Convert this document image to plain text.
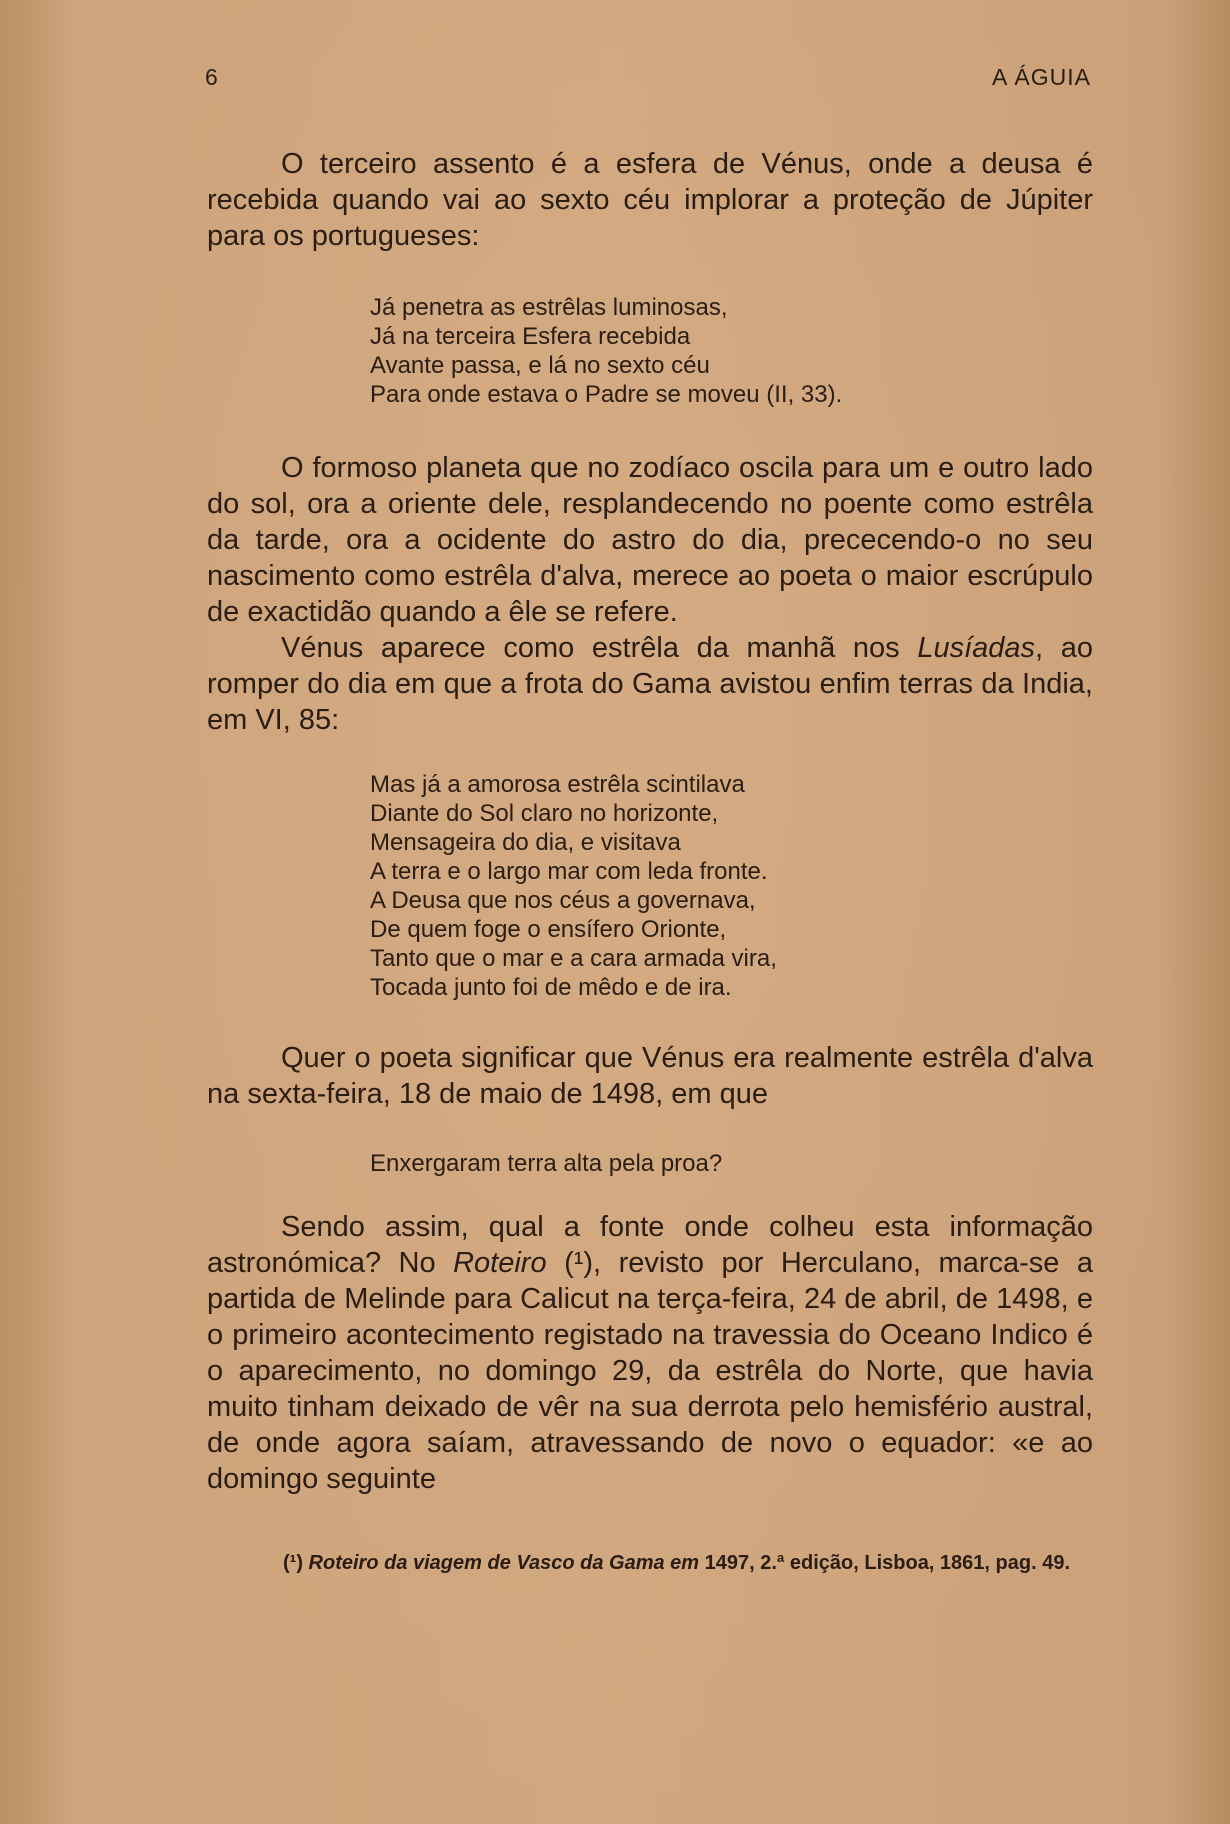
6	A ÁGUIA

O terceiro assento é a esfera de Vénus, onde a deusa é recebida quando vai ao sexto céu implorar a proteção de Júpiter para os portugueses:

Já penetra as estrêlas luminosas,
Já na terceira Esfera recebida
Avante passa, e lá no sexto céu
Para onde estava o Padre se moveu (II, 33).

O formoso planeta que no zodíaco oscila para um e outro lado do sol, ora a oriente dele, resplandecendo no poente como estrêla da tarde, ora a ocidente do astro do dia, prececendo-o no seu nascimento como estrêla d'alva, merece ao poeta o maior escrúpulo de exactidão quando a êle se refere.

Vénus aparece como estrêla da manhã nos Lusíadas, ao romper do dia em que a frota do Gama avistou enfim terras da India, em VI, 85:

Mas já a amorosa estrêla scintilava
Diante do Sol claro no horizonte,
Mensageira do dia, e visitava
A terra e o largo mar com leda fronte.
A Deusa que nos céus a governava,
De quem foge o ensífero Orionte,
Tanto que o mar e a cara armada vira,
Tocada junto foi de mêdo e de ira.

Quer o poeta significar que Vénus era realmente estrêla d'alva na sexta-feira, 18 de maio de 1498, em que

Enxergaram terra alta pela proa?

Sendo assim, qual a fonte onde colheu esta informação astronómica? No Roteiro (¹), revisto por Herculano, marca-se a partida de Melinde para Calicut na terça-feira, 24 de abril, de 1498, e o primeiro acontecimento registado na travessia do Oceano Indico é o aparecimento, no domingo 29, da estrêla do Norte, que havia muito tinham deixado de vêr na sua derrota pelo hemisfério austral, de onde agora saíam, atravessando de novo o equador: «e ao domingo seguinte

(¹) Roteiro da viagem de Vasco da Gama em 1497, 2.ª edição, Lisboa, 1861, pag. 49.
